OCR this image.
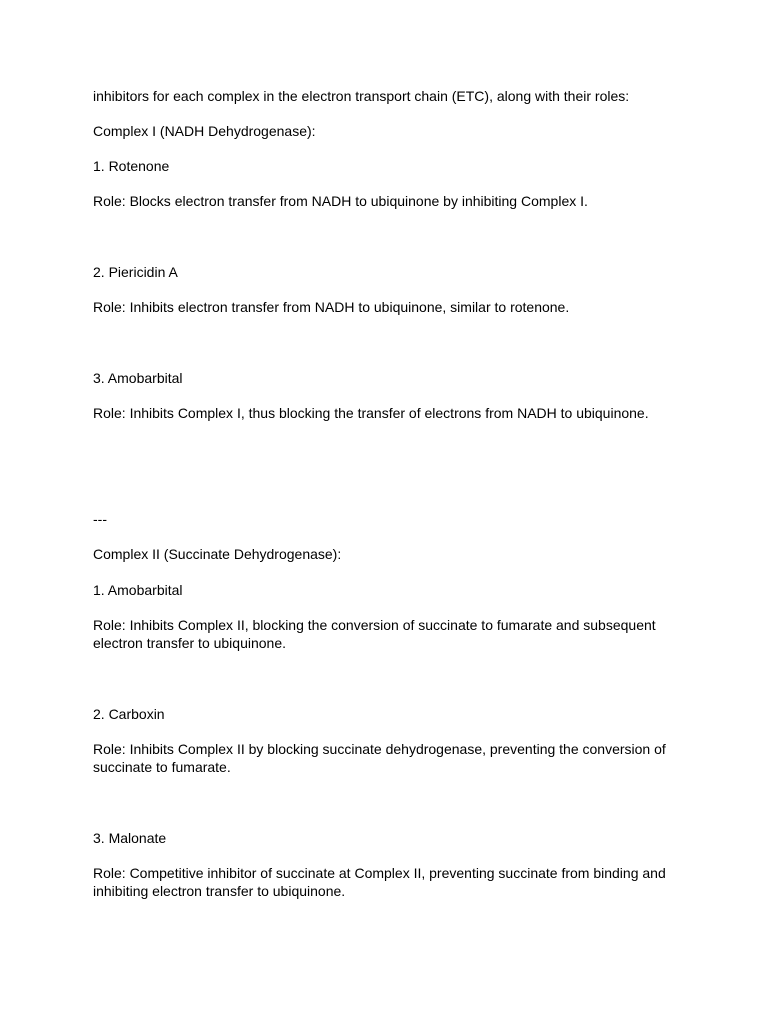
inhibitors for each complex in the electron transport chain (ETC), along with their roles:

Complex I (NADH Dehydrogenase):

1. Rotenone

Role: Blocks electron transfer from NADH to ubiquinone by inhibiting Complex I.

2. Piericidin A

Role: Inhibits electron transfer from NADH to ubiquinone, similar to rotenone.

3. Amobarbital

Role: Inhibits Complex I, thus blocking the transfer of electrons from NADH to ubiquinone.

---

Complex II (Succinate Dehydrogenase):

1. Amobarbital

Role: Inhibits Complex II, blocking the conversion of succinate to fumarate and subsequent electron transfer to ubiquinone.

2. Carboxin

Role: Inhibits Complex II by blocking succinate dehydrogenase, preventing the conversion of succinate to fumarate.

3. Malonate

Role: Competitive inhibitor of succinate at Complex II, preventing succinate from binding and inhibiting electron transfer to ubiquinone.
